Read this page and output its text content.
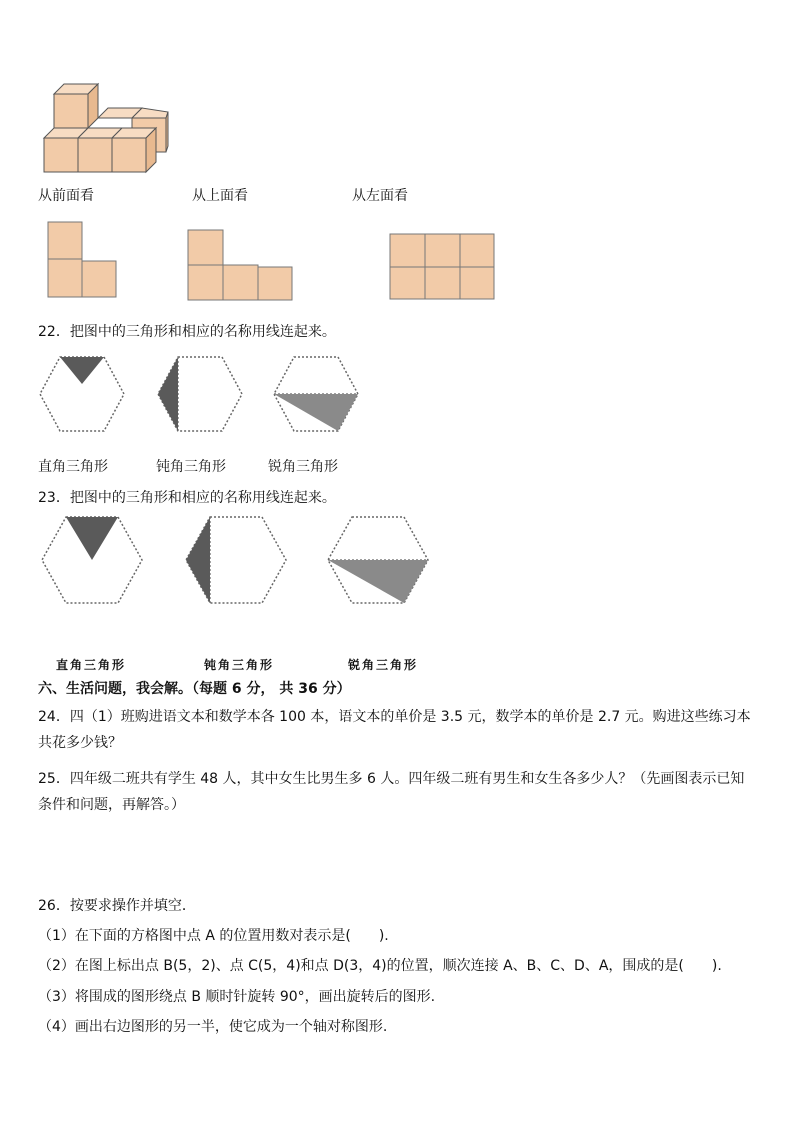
从前面看	从上面看	从左面看
22．把图中的三角形和相应的名称用线连起来。
直角三角形	钝角三角形	锐角三角形
23．把图中的三角形和相应的名称用线连起来。
直角三角形	钝角三角形	锐角三角形
六、生活问题，我会解。（每题 6 分， 共 36 分）
24．四（1）班购进语文本和数学本各 100 本，语文本的单价是 3.5 元，数学本的单价是 2.7 元。购进这些练习本共花多少钱？
25．四年级二班共有学生 48 人，其中女生比男生多 6 人。四年级二班有男生和女生各多少人？（先画图表示已知条件和问题，再解答。）
26．按要求操作并填空．
（1）在下面的方格图中点 A 的位置用数对表示是(　　).
（2）在图上标出点 B(5，2)、点 C(5，4)和点 D(3，4)的位置，顺次连接 A、B、C、D、A，围成的是(　　).
（3）将围成的图形绕点 B 顺时针旋转 90°，画出旋转后的图形.
（4）画出右边图形的另一半，使它成为一个轴对称图形.
